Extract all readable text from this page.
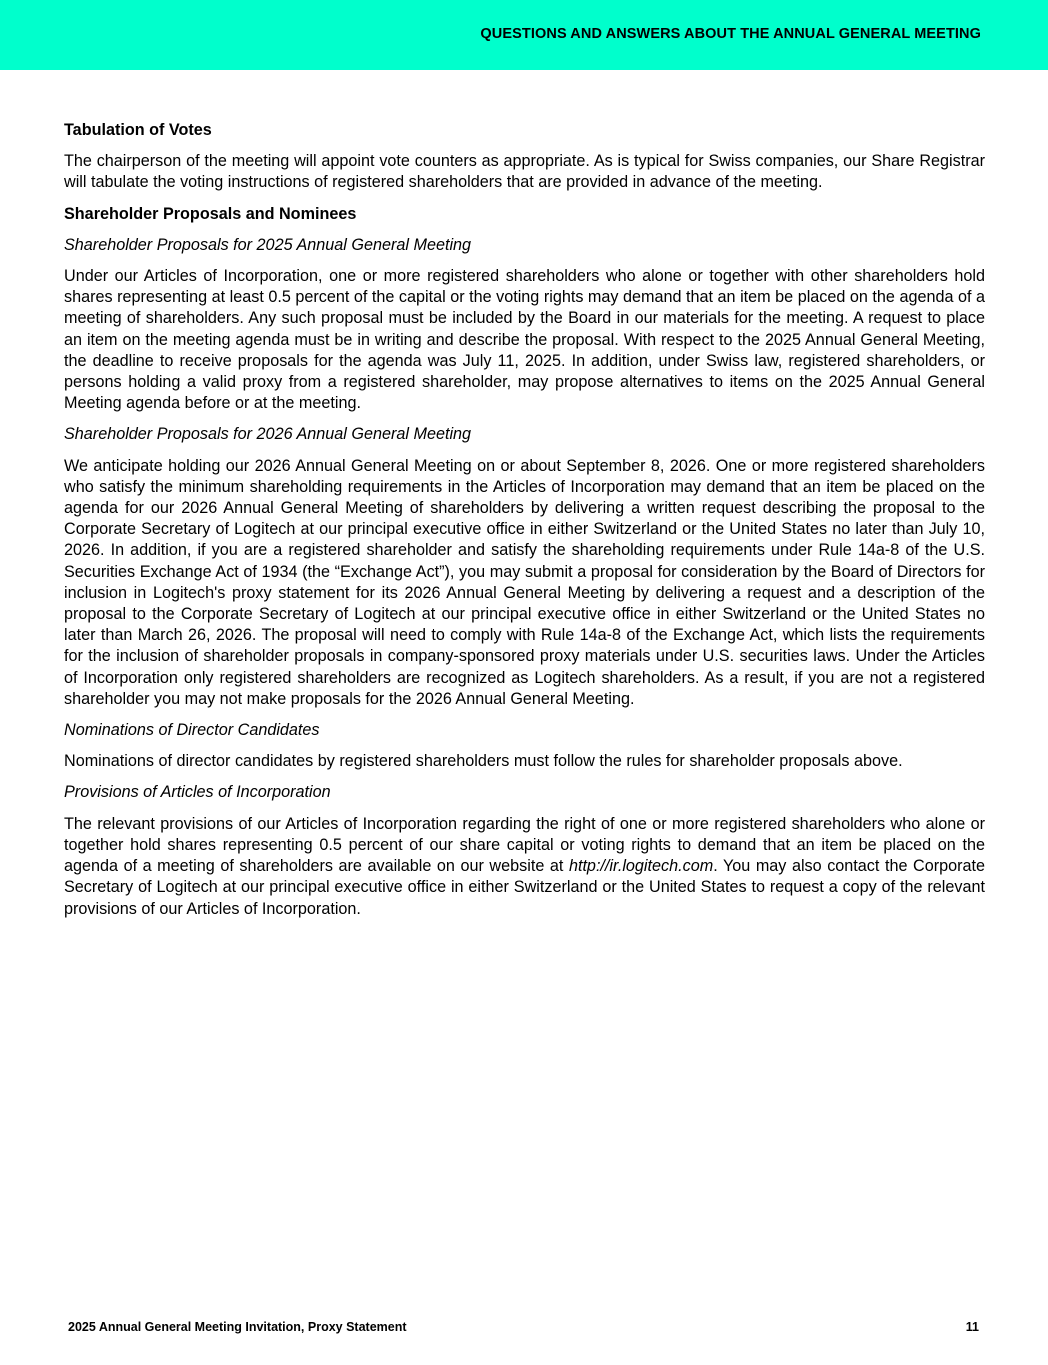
QUESTIONS AND ANSWERS ABOUT THE ANNUAL GENERAL MEETING
Tabulation of Votes

The chairperson of the meeting will appoint vote counters as appropriate. As is typical for Swiss companies, our Share Registrar will tabulate the voting instructions of registered shareholders that are provided in advance of the meeting.

Shareholder Proposals and Nominees
Shareholder Proposals for 2025 Annual General Meeting

Under our Articles of Incorporation, one or more registered shareholders who alone or together with other shareholders hold shares representing at least 0.5 percent of the capital or the voting rights may demand that an item be placed on the agenda of a meeting of shareholders. Any such proposal must be included by the Board in our materials for the meeting. A request to place an item on the meeting agenda must be in writing and describe the proposal. With respect to the 2025 Annual General Meeting, the deadline to receive proposals for the agenda was July 11, 2025. In addition, under Swiss law, registered shareholders, or persons holding a valid proxy from a registered shareholder, may propose alternatives to items on the 2025 Annual General Meeting agenda before or at the meeting.

Shareholder Proposals for 2026 Annual General Meeting

We anticipate holding our 2026 Annual General Meeting on or about September 8, 2026. One or more registered shareholders who satisfy the minimum shareholding requirements in the Articles of Incorporation may demand that an item be placed on the agenda for our 2026 Annual General Meeting of shareholders by delivering a written request describing the proposal to the Corporate Secretary of Logitech at our principal executive office in either Switzerland or the United States no later than July 10, 2026. In addition, if you are a registered shareholder and satisfy the shareholding requirements under Rule 14a-8 of the U.S. Securities Exchange Act of 1934 (the “Exchange Act”), you may submit a proposal for consideration by the Board of Directors for inclusion in Logitech's proxy statement for its 2026 Annual General Meeting by delivering a request and a description of the proposal to the Corporate Secretary of Logitech at our principal executive office in either Switzerland or the United States no later than March 26, 2026. The proposal will need to comply with Rule 14a-8 of the Exchange Act, which lists the requirements for the inclusion of shareholder proposals in company-sponsored proxy materials under U.S. securities laws. Under the Articles of Incorporation only registered shareholders are recognized as Logitech shareholders. As a result, if you are not a registered shareholder you may not make proposals for the 2026 Annual General Meeting.

Nominations of Director Candidates

Nominations of director candidates by registered shareholders must follow the rules for shareholder proposals above.

Provisions of Articles of Incorporation

The relevant provisions of our Articles of Incorporation regarding the right of one or more registered shareholders who alone or together hold shares representing 0.5 percent of our share capital or voting rights to demand that an item be placed on the agenda of a meeting of shareholders are available on our website at http://ir.logitech.com. You may also contact the Corporate Secretary of Logitech at our principal executive office in either Switzerland or the United States to request a copy of the relevant provisions of our Articles of Incorporation.

2025 Annual General Meeting Invitation, Proxy Statement	11
